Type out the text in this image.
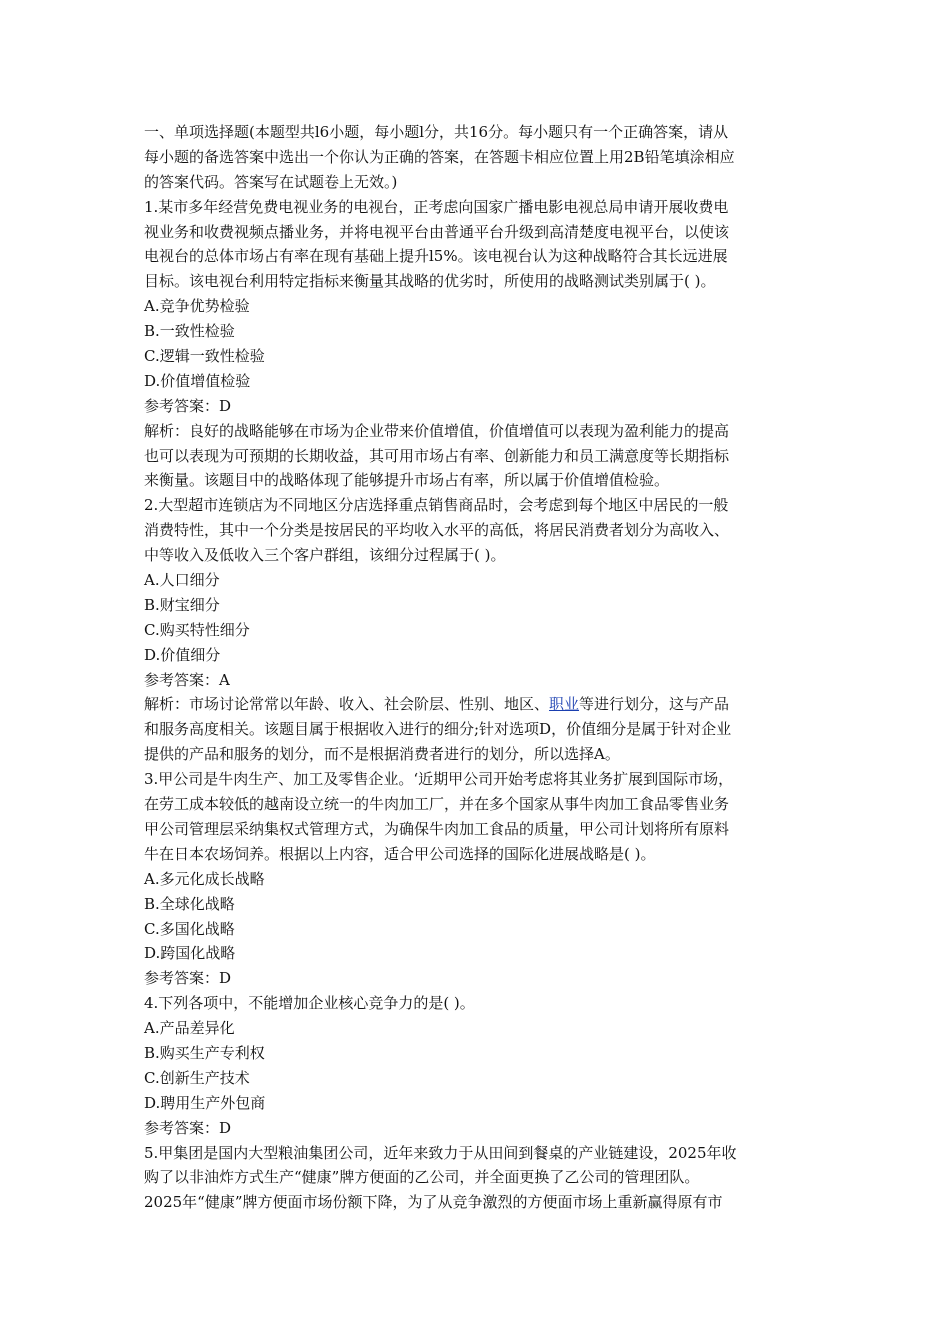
一、单项选择题(本题型共l6小题，每小题l分，共16分。每小题只有一个正确答案，请从
每小题的备选答案中选出一个你认为正确的答案，在答题卡相应位置上用2B铅笔填涂相应
的答案代码。答案写在试题卷上无效。)
1.某市多年经营免费电视业务的电视台，正考虑向国家广播电影电视总局申请开展收费电
视业务和收费视频点播业务，并将电视平台由普通平台升级到高清楚度电视平台，以使该
电视台的总体市场占有率在现有基础上提升l5%。该电视台认为这种战略符合其长远进展
目标。该电视台利用特定指标来衡量其战略的优劣时，所使用的战略测试类别属于( )。
A.竞争优势检验
B.一致性检验
C.逻辑一致性检验
D.价值增值检验
参考答案：D
解析：良好的战略能够在市场为企业带来价值增值，价值增值可以表现为盈利能力的提高
也可以表现为可预期的长期收益，其可用市场占有率、创新能力和员工满意度等长期指标
来衡量。该题目中的战略体现了能够提升市场占有率，所以属于价值增值检验。
2.大型超市连锁店为不同地区分店选择重点销售商品时，会考虑到每个地区中居民的一般
消费特性，其中一个分类是按居民的平均收入水平的高低，将居民消费者划分为高收入、
中等收入及低收入三个客户群组，该细分过程属于( )。
A.人口细分
B.财宝细分
C.购买特性细分
D.价值细分
参考答案：A
解析：市场讨论常常以年龄、收入、社会阶层、性别、地区、职业等进行划分，这与产品
和服务高度相关。该题目属于根据收入进行的细分;针对选项D，价值细分是属于针对企业
提供的产品和服务的划分，而不是根据消费者进行的划分，所以选择A。
3.甲公司是牛肉生产、加工及零售企业。‘近期甲公司开始考虑将其业务扩展到国际市场，
在劳工成本较低的越南设立统一的牛肉加工厂，并在多个国家从事牛肉加工食品零售业务
甲公司管理层采纳集权式管理方式，为确保牛肉加工食品的质量，甲公司计划将所有原料
牛在日本农场饲养。根据以上内容，适合甲公司选择的国际化进展战略是( )。
A.多元化成长战略
B.全球化战略
C.多国化战略
D.跨国化战略
参考答案：D
4.下列各项中，不能增加企业核心竞争力的是( )。
A.产品差异化
B.购买生产专利权
C.创新生产技术
D.聘用生产外包商
参考答案：D
5.甲集团是国内大型粮油集团公司，近年来致力于从田间到餐桌的产业链建设，2025年收
购了以非油炸方式生产“健康”牌方便面的乙公司，并全面更换了乙公司的管理团队。
2025年“健康”牌方便面市场份额下降，为了从竞争激烈的方便面市场上重新赢得原有市
